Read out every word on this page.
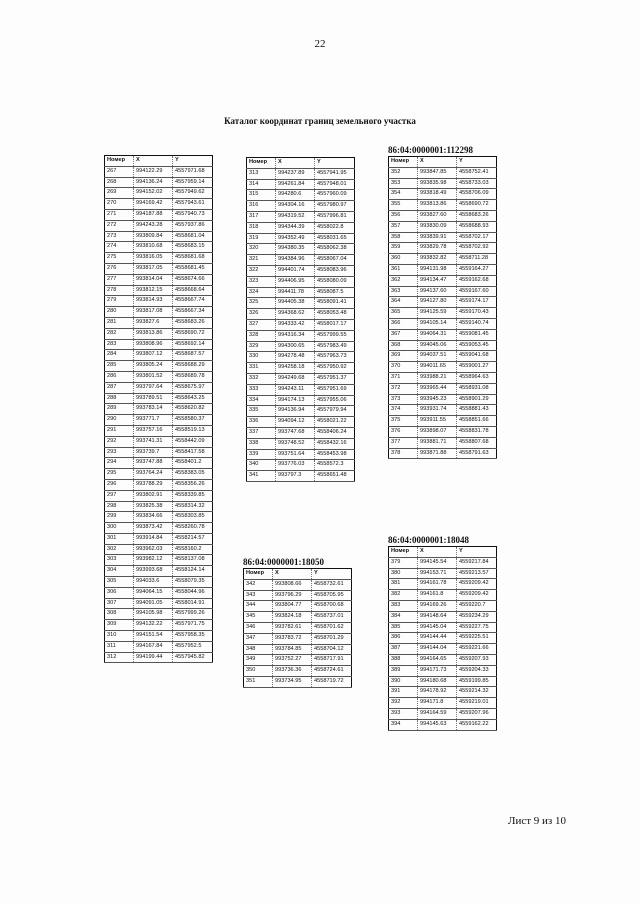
22
Каталог координат границ земельного участка
Номер	X	Y
267	994122.29	4557971.68
268	994136.24	4557959.14
269	994152.02	4557949.62
270	994169.42	4557943.61
271	994187.88	4557940.73
272	994243.28	4557937.86
273	993809.84	4558681.04
274	993810.68	4558683.15
275	993816.05	4558681.68
276	993817.05	4558681.45
277	993814.04	4558674.66
278	993812.15	4558668.64
279	993814.93	4558667.74
280	993817.08	4558667.34
281	993827.6	4558683.26
282	993813.86	4558690.72
283	993808.96	4558692.14
284	993807.12	4558687.57
285	993805.24	4558688.29
286	993801.52	4558689.78
287	993797.64	4558675.97
288	993789.51	4558643.25
289	993783.14	4558620.82
290	993771.7	4558580.37
291	993757.16	4558519.13
292	993741.31	4558442.09
293	993739.7	4558417.58
294	993747.88	4558401.2
295	993764.24	4558383.05
296	993788.29	4558356.26
297	993802.91	4558339.85
298	993825.38	4558314.32
299	993834.66	4558303.85
300	993873.42	4558260.78
301	993914.84	4558214.57
302	993962.03	4558160.2
303	993982.12	4558137.08
304	993993.68	4558124.14
305	994033.6	4558079.35
306	994064.15	4558044.96
307	994091.05	4558014.91
308	994105.98	4557999.26
309	994132.22	4557971.75
310	994151.54	4557958.35
311	994167.84	4557952.5
312	994199.44	4557945.82
Номер	X	Y
313	994237.89	4557941.95
314	994261.84	4557948.01
315	994280.6	4557960.09
316	994304.16	4557980.97
317	994319.52	4557996.81
318	994344.39	4558022.8
319	994352.49	4558031.65
320	994380.35	4558062.38
321	994384.96	4558067.04
322	994401.74	4558083.96
323	994406.95	4558080.09
324	994411.78	4558087.5
325	994405.38	4558091.41
326	994368.62	4558053.48
327	994333.42	4558017.17
328	994316.34	4557999.55
329	994300.65	4557983.49
330	994278.48	4557963.73
331	994258.18	4557950.92
332	994249.68	4557951.37
333	994243.11	4557951.69
334	994174.13	4557955.06
335	994136.94	4557979.94
336	994094.12	4558021.22
337	993747.68	4558406.24
338	993748.52	4558432.16
339	993751.64	4558453.98
340	993776.03	4558572.3
341	993797.3	4558651.48
86:04:0000001:18050
Номер	X	Y
342	993808.66	4558732.61
343	993796.29	4558705.95
344	993804.77	4558700.68
345	993824.18	4558737.01
346	993782.61	4558701.62
347	993783.72	4558701.29
348	993784.85	4558704.12
349	993752.27	4558717.91
350	993736.36	4558724.61
351	993734.95	4558719.72
86:04:0000001:112298
Номер	X	Y
352	993847.85	4558752.41
353	993835.98	4558733.03
354	993818.49	4558706.09
355	993813.86	4558690.72
356	993827.60	4558683.26
357	993830.09	4558688.93
358	993839.91	4558702.17
359	993829.78	4558702.92
360	993832.82	4558711.28
361	994131.98	4559164.27
362	994134.47	4559162.68
363	994137.60	4559167.60
364	994127.80	4559174.17
365	994125.59	4559170.43
366	994105.14	4559140.74
367	994064.31	4559081.45
368	994045.06	4559053.45
369	994037.51	4559041.68
370	994011.65	4559001.27
371	993988.21	4558964.63
372	993965.44	4558931.08
373	993945.23	4558901.29
374	993931.74	4558881.43
375	993911.55	4558851.66
376	993898.07	4558831.78
377	993881.71	4558807.68
378	993871.88	4558791.63
86:04:0000001:18048
Номер	X	Y
379	994145.54	4559217.84
380	994153.71	4559213.57
381	994161.78	4559209.42
382	994161.8	4559209.42
383	994169.26	4559220.7
384	994148.64	4559234.29
385	994145.04	4559227.75
386	994144.44	4559225.51
387	994144.04	4559221.66
388	994164.65	4559207.93
389	994171.73	4559204.33
390	994180.68	4559199.85
391	994178.92	4559214.32
392	994171.8	4559219.01
393	994164.59	4559207.96
394	994145.63	4559162.22
Лист 9 из 10
